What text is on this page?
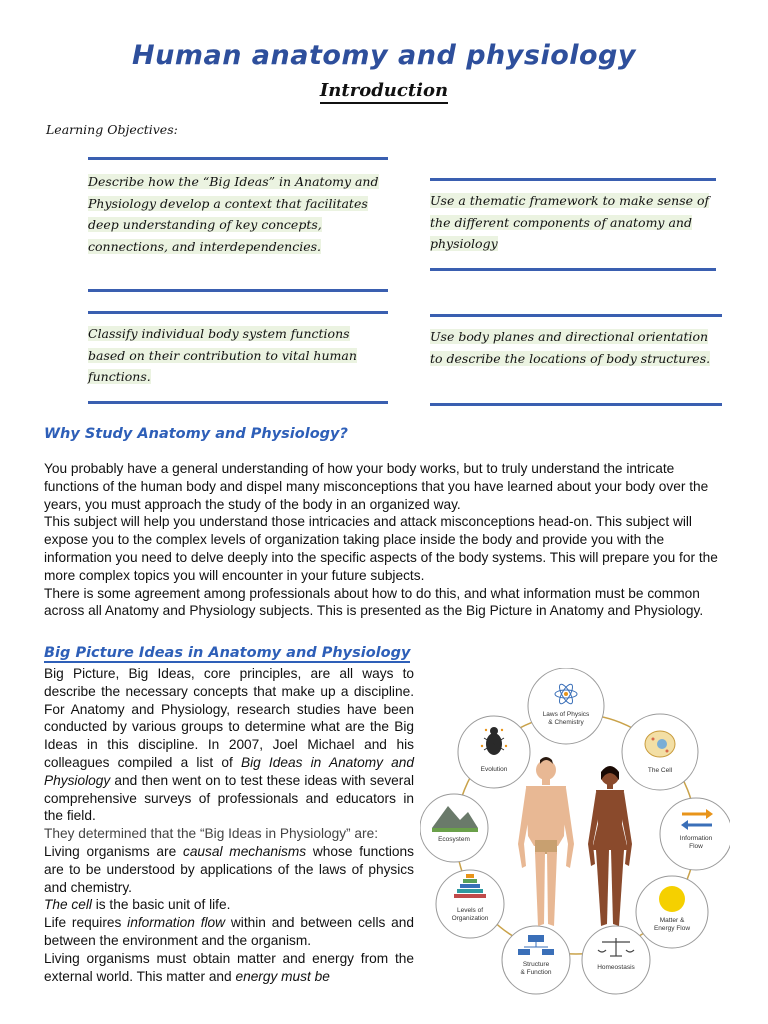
Human anatomy and physiology
Introduction
Learning Objectives:
Describe how the “Big Ideas” in Anatomy and Physiology develop a context that facilitates deep understanding of key concepts, connections, and interdependencies.
Use a thematic framework to make sense of the different components of anatomy and physiology
Classify individual body system functions based on their contribution to vital human functions.
Use body planes and directional orientation to describe the locations of body structures.
Why Study Anatomy and Physiology?

You probably have a general understanding of how your body works, but to truly understand the intricate functions of the human body and dispel many misconceptions that you have learned about your body over the years, you must approach the study of the body in an organized way.

This subject will help you understand those intricacies and attack misconceptions head-on. This subject will expose you to the complex levels of organization taking place inside the body and provide you with the information you need to delve deeply into the specific aspects of the body systems. This will prepare you for the more complex topics you will encounter in your future subjects.

There is some agreement among professionals about how to do this, and what information must be common across all Anatomy and Physiology subjects. This is presented as the Big Picture in Anatomy and Physiology.

Big Picture Ideas in Anatomy and Physiology

Big Picture, Big Ideas, core principles, are all ways to describe the necessary concepts that make up a discipline. For Anatomy and Physiology, research studies have been conducted by various groups to determine what are the Big Ideas in this discipline. In 2007, Joel Michael and his colleagues compiled a list of Big Ideas in Anatomy and Physiology and then went on to test these ideas with several comprehensive surveys of professionals and educators in the field.

They determined that the “Big Ideas in Physiology” are:

Living organisms are causal mechanisms whose functions are to be understood by applications of the laws of physics and chemistry.

The cell is the basic unit of life.

Life requires information flow within and between cells and between the environment and the organism.

Living organisms must obtain matter and energy from the external world. This matter and energy must be

Laws of Physics & Chemistry
The Cell
Information Flow
Matter & Energy Flow
Homeostasis
Structure & Function
Levels of Organization
Ecosystem
Evolution
